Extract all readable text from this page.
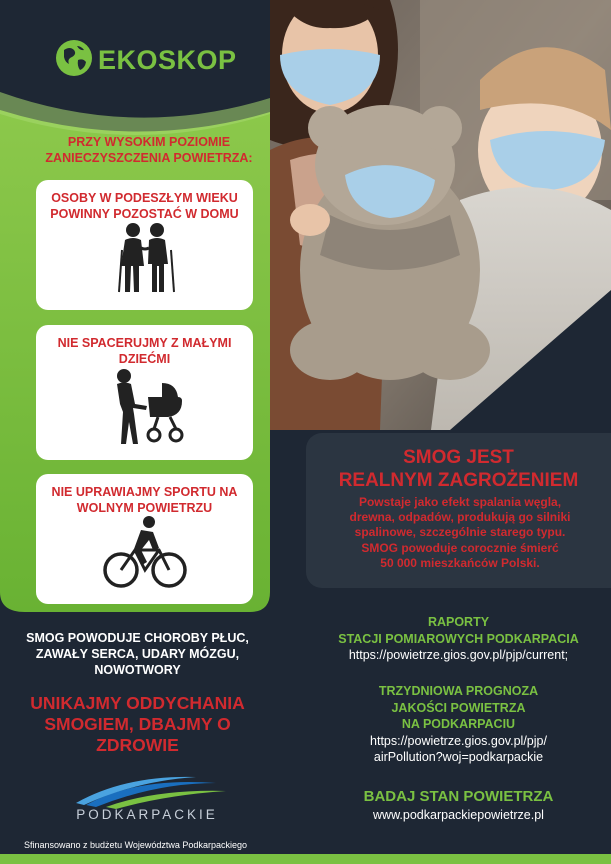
EKOSKOP
PRZY WYSOKIM POZIOMIE ZANIECZYSZCZENIA POWIETRZA:
OSOBY W PODESZŁYM WIEKU POWINNY POZOSTAĆ W DOMU
NIE SPACERUJMY Z MAŁYMI DZIEĆMI
NIE UPRAWIAJMY SPORTU NA WOLNYM POWIETRZU
SMOG POWODUJE CHOROBY PŁUC, ZAWAŁY SERCA, UDARY MÓZGU, NOWOTWORY
UNIKAJMY ODDYCHANIA SMOGIEM, DBAJMY O ZDROWIE
PODKARPACKIE
Sfinansowano z budżetu Województwa Podkarpackiego
SMOG JEST
REALNYM ZAGROŻENIEM
Powstaje jako efekt spalania węgla,
drewna, odpadów, produkują go silniki
spalinowe, szczególnie starego typu.
SMOG powoduje corocznie śmierć
50 000 mieszkańców Polski.
RAPORTY
STACJI POMIAROWYCH PODKARPACIA
https://powietrze.gios.gov.pl/pjp/current;
TRZYDNIOWA PROGNOZA
JAKOŚCI POWIETRZA
NA PODKARPACIU
https://powietrze.gios.gov.pl/pjp/
airPollution?woj=podkarpackie
BADAJ STAN POWIETRZA
www.podkarpackiepowietrze.pl
